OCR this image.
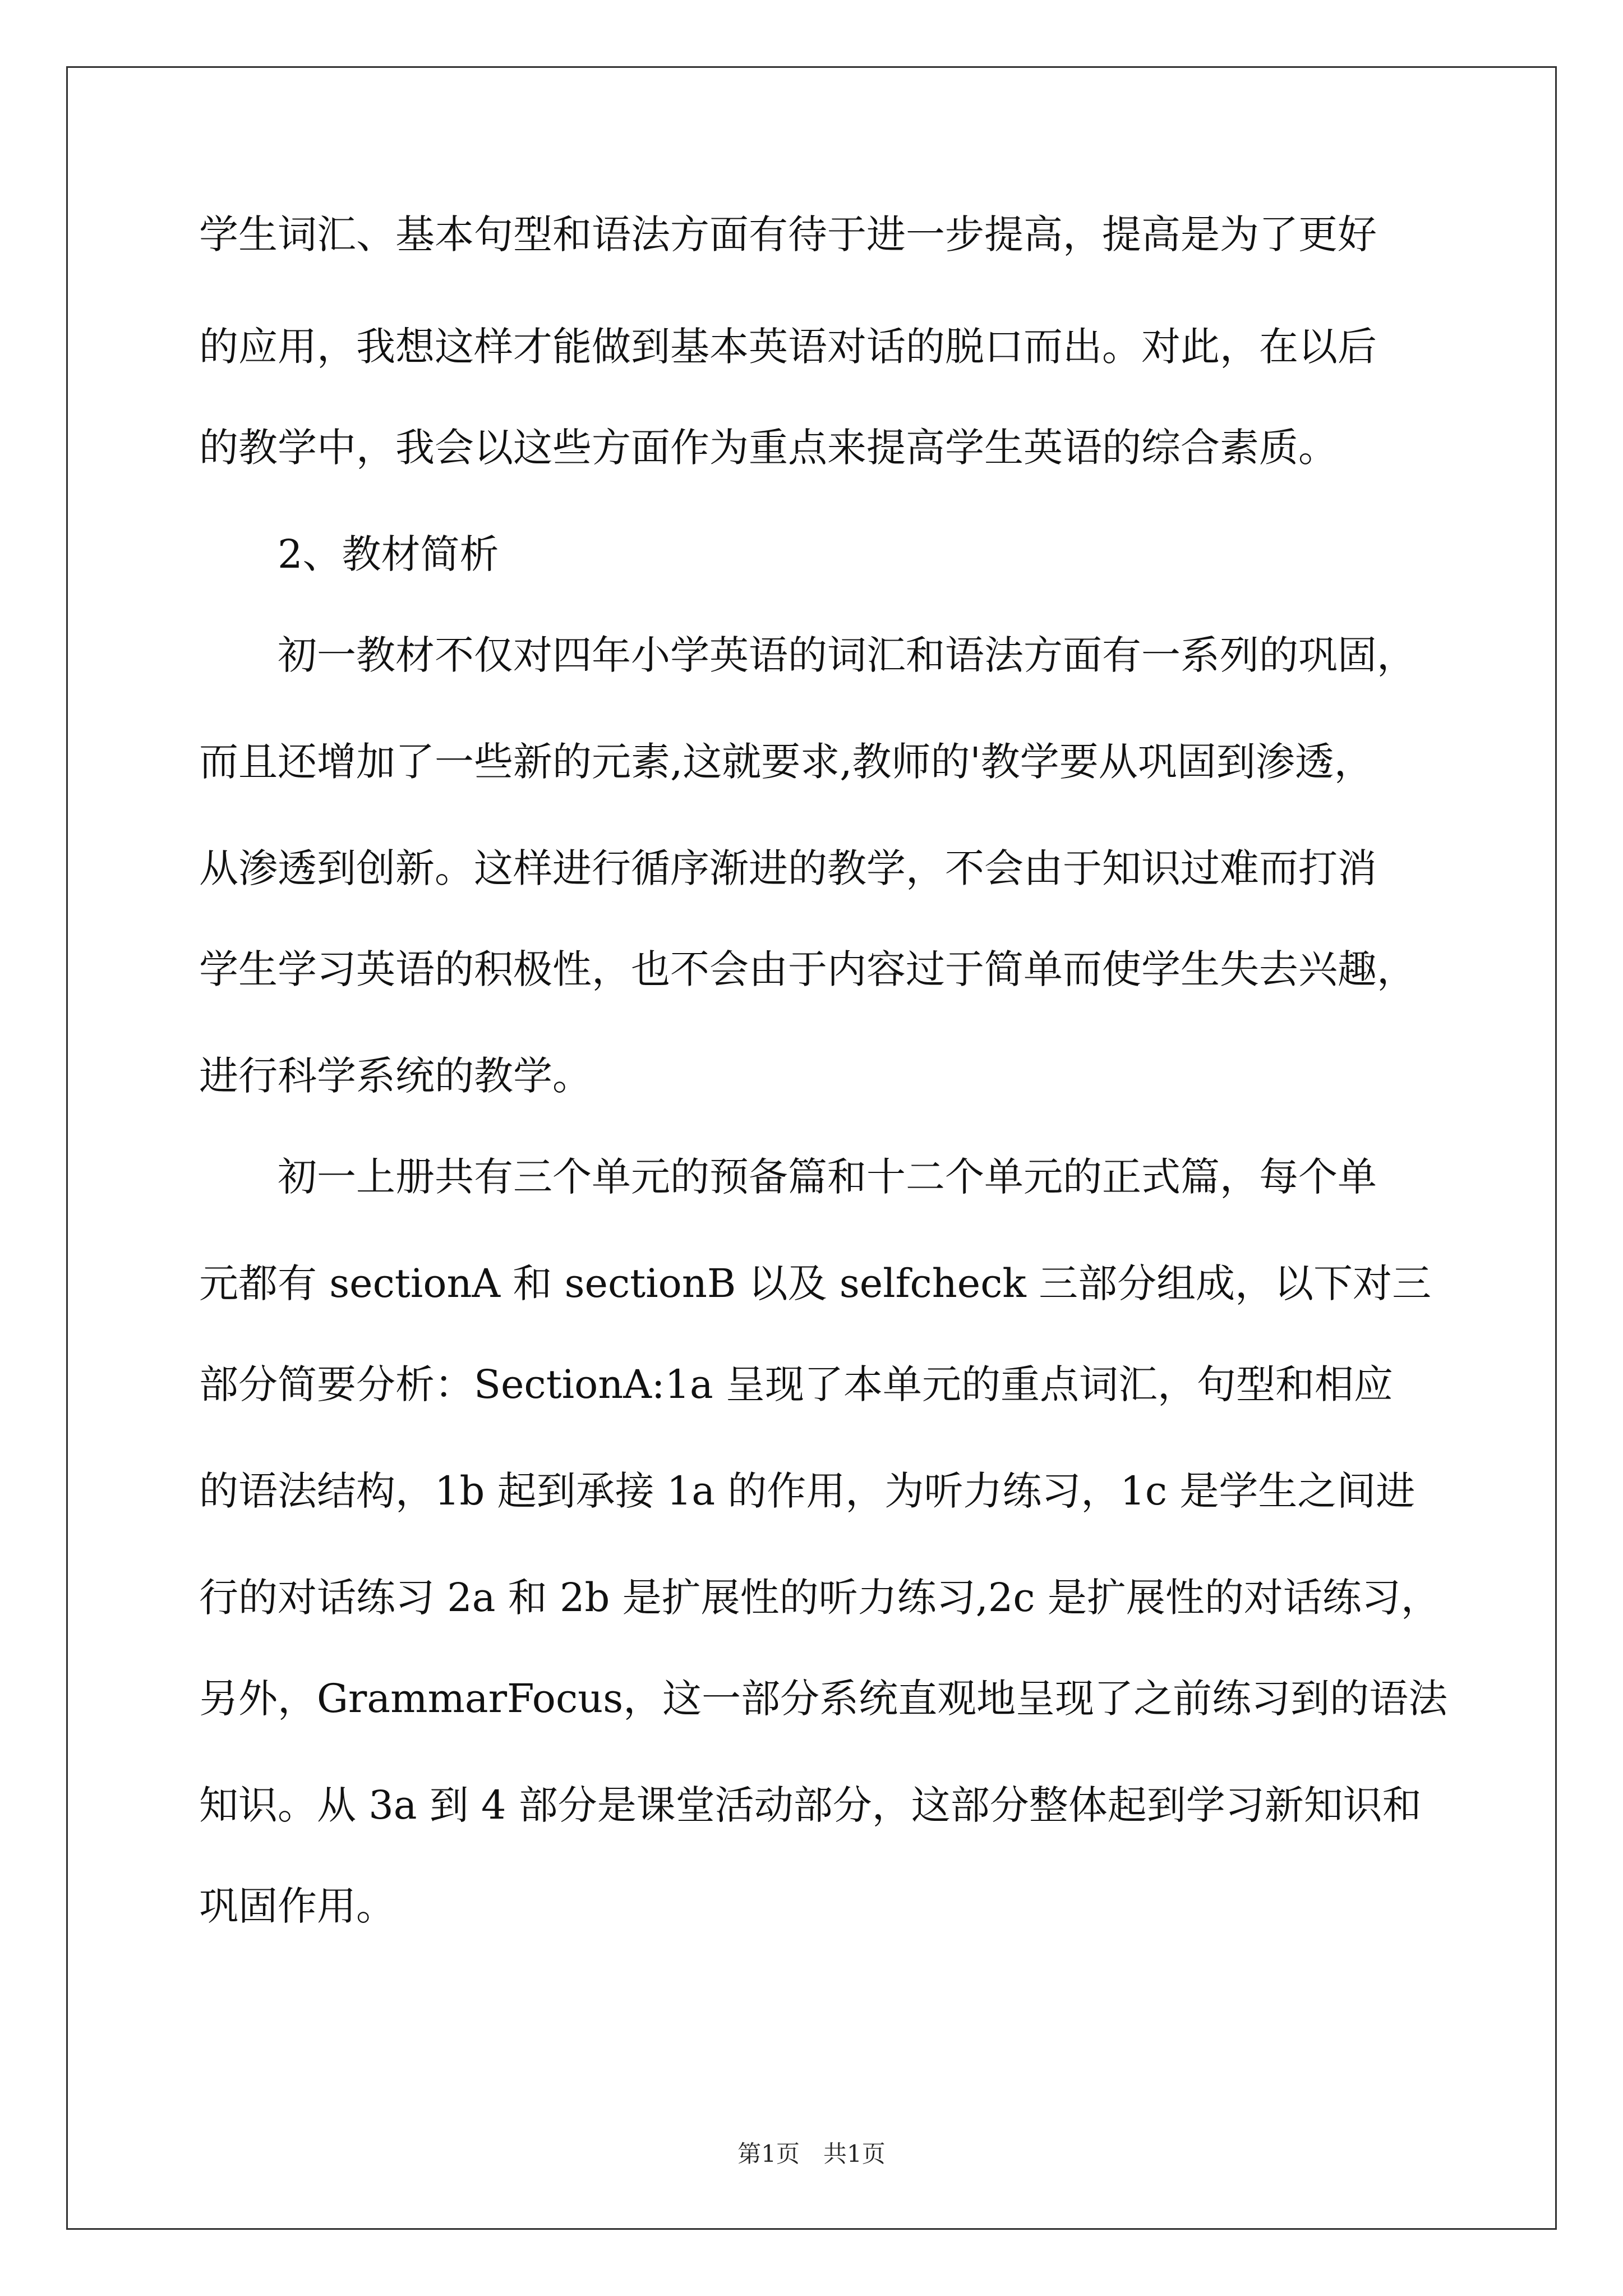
学生词汇、基本句型和语法方面有待于进一步提高，提高是为了更好
的应用，我想这样才能做到基本英语对话的脱口而出。对此，在以后
的教学中，我会以这些方面作为重点来提高学生英语的综合素质。
　　2、教材简析
　　初一教材不仅对四年小学英语的词汇和语法方面有一系列的巩固，
而且还增加了一些新的元素,这就要求,教师的'教学要从巩固到渗透，
从渗透到创新。这样进行循序渐进的教学，不会由于知识过难而打消
学生学习英语的积极性，也不会由于内容过于简单而使学生失去兴趣，
进行科学系统的教学。
　　初一上册共有三个单元的预备篇和十二个单元的正式篇，每个单
元都有 sectionA 和 sectionB 以及 selfcheck 三部分组成，以下对三
部分简要分析：SectionA:1a 呈现了本单元的重点词汇，句型和相应
的语法结构，1b 起到承接 1a 的作用，为听力练习，1c 是学生之间进
行的对话练习 2a 和 2b 是扩展性的听力练习,2c 是扩展性的对话练习，
另外，GrammarFocus，这一部分系统直观地呈现了之前练习到的语法
知识。从 3a 到 4 部分是课堂活动部分，这部分整体起到学习新知识和
巩固作用。
第1页　共1页
